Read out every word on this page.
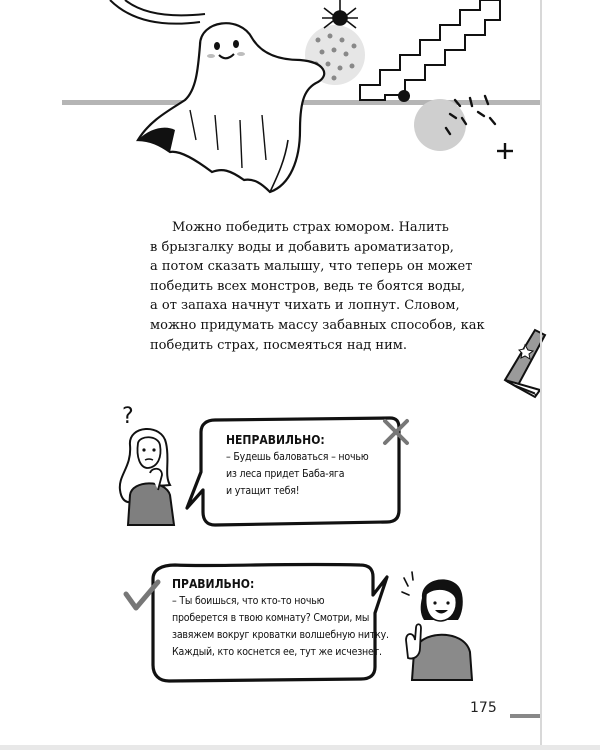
Можно победить страх юмором. Налить
в брызгалку воды и добавить ароматизатор,
а потом сказать малышу, что теперь он может
победить всех монстров, ведь те боятся воды,
а от запаха начнут чихать и лопнут. Словом,
можно придумать массу забавных способов, как
победить страх, посмеяться над ним.
?
НЕПРАВИЛЬНО:
– Будешь баловаться – ночью
из леса придет Баба-яга
и утащит тебя!
ПРАВИЛЬНО:
– Ты боишься, что кто-то ночью
проберется в твою комнату? Смотри, мы
завяжем вокруг кроватки волшебную нитку.
Каждый, кто коснется ее, тут же исчезнет.
175
